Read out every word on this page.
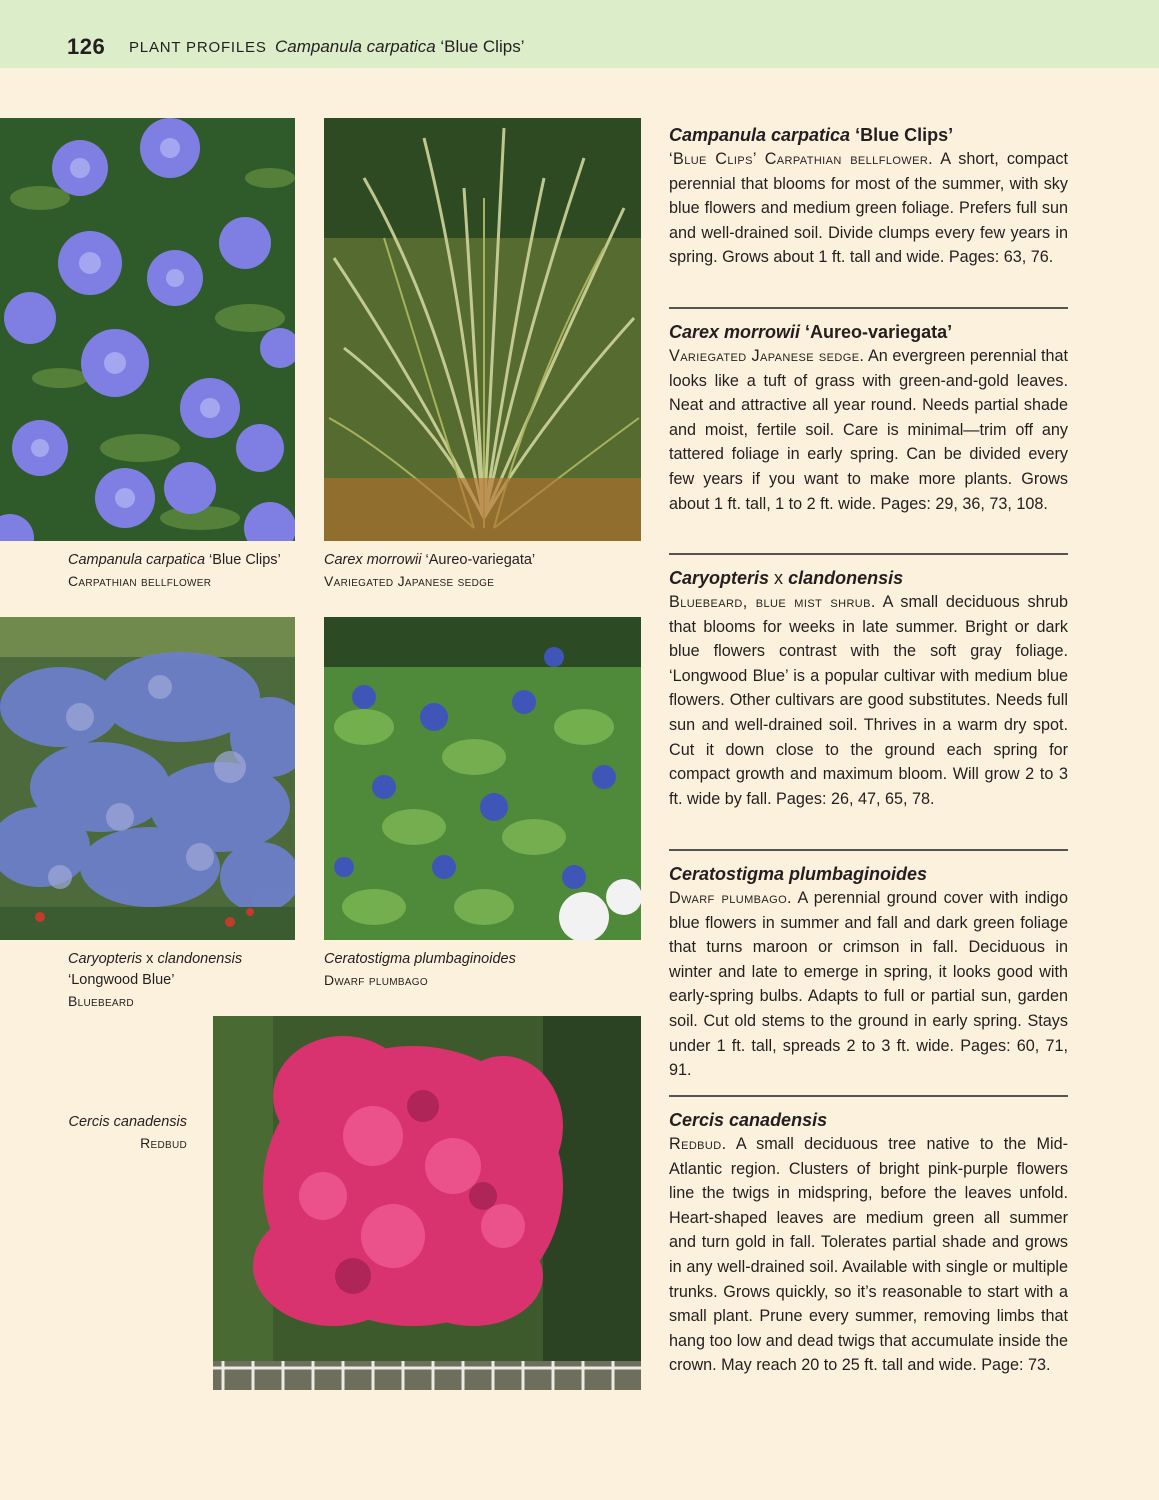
126 PLANT PROFILES Campanula carpatica ‘Blue Clips’
Campanula carpatica ‘Blue Clips’
Carpathian bellflower
Carex morrowii ‘Aureo-variegata’
Variegated Japanese sedge
Caryopteris x clandonensis
‘Longwood Blue’
Bluebeard
Ceratostigma plumbaginoides
Dwarf plumbago
Cercis canadensis
Redbud
Campanula carpatica ‘Blue Clips’

‘Blue Clips’ Carpathian bellflower. A short, compact perennial that blooms for most of the summer, with sky blue flowers and medium green foliage. Prefers full sun and well-drained soil. Divide clumps every few years in spring. Grows about 1 ft. tall and wide. Pages: 63, 76.

Carex morrowii ‘Aureo-variegata’

Variegated Japanese sedge. An evergreen perennial that looks like a tuft of grass with green-and-gold leaves. Neat and attractive all year round. Needs partial shade and moist, fertile soil. Care is minimal—trim off any tattered foliage in early spring. Can be divided every few years if you want to make more plants. Grows about 1 ft. tall, 1 to 2 ft. wide. Pages: 29, 36, 73, 108.

Caryopteris x clandonensis

Bluebeard, blue mist shrub. A small deciduous shrub that blooms for weeks in late summer. Bright or dark blue flowers contrast with the soft gray foliage. ‘Longwood Blue’ is a popular cultivar with medium blue flowers. Other cultivars are good substitutes. Needs full sun and well-drained soil. Thrives in a warm dry spot. Cut it down close to the ground each spring for compact growth and maximum bloom. Will grow 2 to 3 ft. wide by fall. Pages: 26, 47, 65, 78.

Ceratostigma plumbaginoides

Dwarf plumbago. A perennial ground cover with indigo blue flowers in summer and fall and dark green foliage that turns maroon or crimson in fall. Deciduous in winter and late to emerge in spring, it looks good with early-spring bulbs. Adapts to full or partial sun, garden soil. Cut old stems to the ground in early spring. Stays under 1 ft. tall, spreads 2 to 3 ft. wide. Pages: 60, 71, 91.

Cercis canadensis

Redbud. A small deciduous tree native to the Mid-Atlantic region. Clusters of bright pink-purple flowers line the twigs in midspring, before the leaves unfold. Heart-shaped leaves are medium green all summer and turn gold in fall. Tolerates partial shade and grows in any well-drained soil. Available with single or multiple trunks. Grows quickly, so it’s reasonable to start with a small plant. Prune every summer, removing limbs that hang too low and dead twigs that accumulate inside the crown. May reach 20 to 25 ft. tall and wide. Page: 73.
